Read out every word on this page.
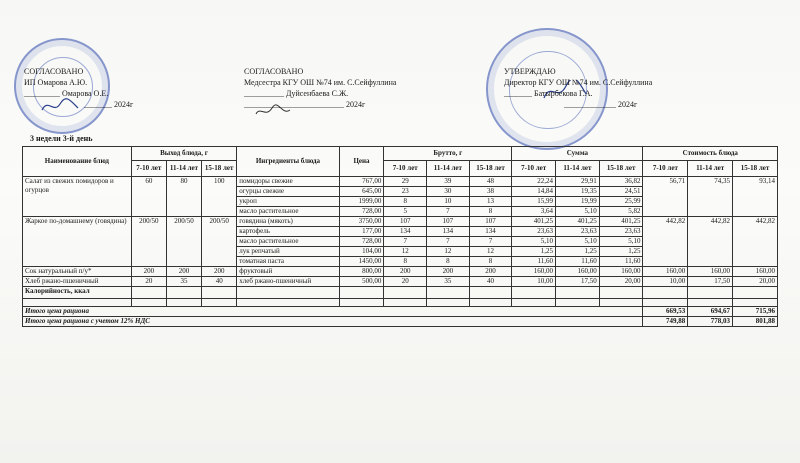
СОГЛАСОВАНО
ИП Омарова А.Ю.
_________ Омарова О.Е.
_______ 2024г
СОГЛАСОВАНО
Медсестра КГУ ОШ №74 им. С.Сейфуллина
__________ Дуйсенбаева С.Ж.
_________________________ 2024г
УТВЕРЖДАЮ
Директор КГУ ОШ №74 им. С.Сейфуллина
_______ Батырбекова Г.А.
_____________ 2024г
3 недели 3-й день
Наименование блюд	Выход блюда, г			Ингредиенты блюда	Цена	Брутто, г			Сумма			Стоимость блюда		
	7-10 лет	11-14 лет	15-18 лет			7-10 лет	11-14 лет	15-18 лет	7-10 лет	11-14 лет	15-18 лет	7-10 лет	11-14 лет	15-18 лет
Салат из свежих помидоров и огурцов	60	80	100	помидоры свежие	767,00	29	39	48	22,24	29,91	36,82	56,71	74,35	93,14
				огурцы свежие	645,00	23	30	38	14,84	19,35	24,51			
				укроп	1999,00	8	10	13	15,99	19,99	25,99			
				масло растительное	728,00	5	7	8	3,64	5,10	5,82			
Жаркое по-домашнему (говядина)	200/50	200/50	200/50	говядина (мякоть)	3750,00	107	107	107	401,25	401,25	401,25	442,82	442,82	442,82
				картофель	177,00	134	134	134	23,63	23,63	23,63			
				масло растительное	728,00	7	7	7	5,10	5,10	5,10			
				лук репчатый	104,00	12	12	12	1,25	1,25	1,25			
				томатная паста	1450,00	8	8	8	11,60	11,60	11,60			
Сок натуральный п/у*	200	200	200	фруктовый	800,00	200	200	200	160,00	160,00	160,00	160,00	160,00	160,00
Хлеб ржано-пшеничный	20	35	40	хлеб ржано-пшеничный	500,00	20	35	40	10,00	17,50	20,00	10,00	17,50	20,00
Калорийность, ккал														

Итого цена рациона												669,53	694,67	715,96
Итого цена рациона с учетом 12% НДС												749,88	778,03	801,88
